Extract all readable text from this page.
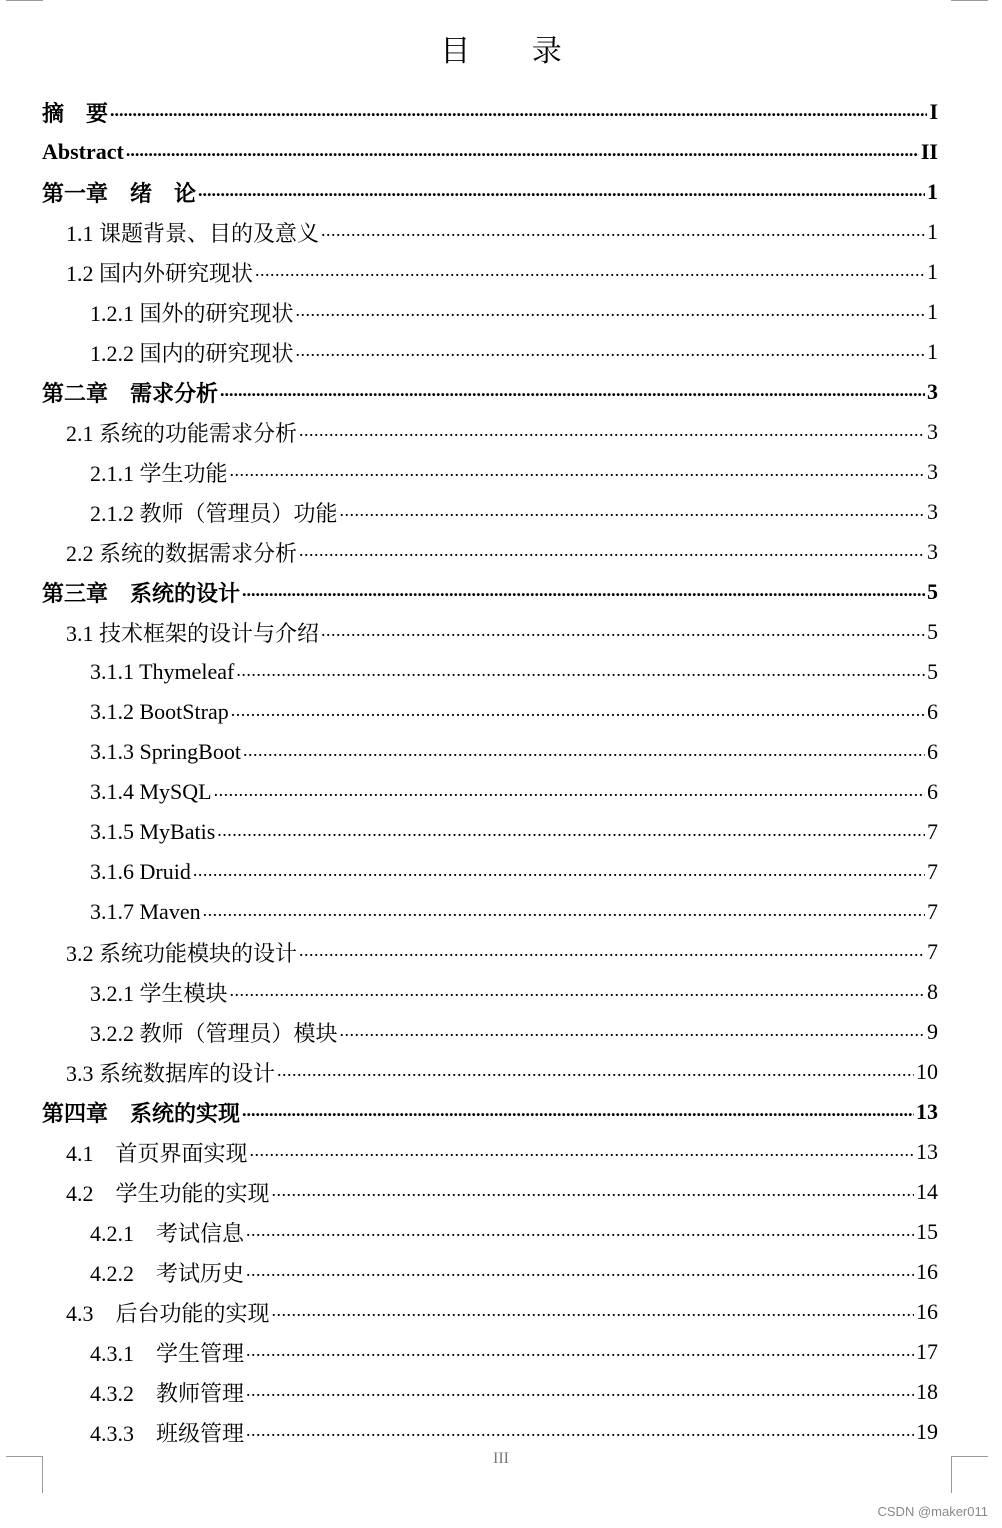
目 录
摘　要 .....	I
Abstract .....	II
第一章　绪　论 .....	1
1.1 课题背景、目的及意义 .....	1
1.2 国内外研究现状 .....	1
1.2.1 国外的研究现状 .....	1
1.2.2 国内的研究现状 .....	1
第二章　需求分析 .....	3
2.1 系统的功能需求分析 .....	3
2.1.1 学生功能 .....	3
2.1.2 教师（管理员）功能 .....	3
2.2 系统的数据需求分析 .....	3
第三章　系统的设计 .....	5
3.1 技术框架的设计与介绍 .....	5
3.1.1 Thymeleaf .....	5
3.1.2 BootStrap .....	6
3.1.3 SpringBoot .....	6
3.1.4 MySQL .....	6
3.1.5 MyBatis .....	7
3.1.6 Druid .....	7
3.1.7 Maven .....	7
3.2 系统功能模块的设计 .....	7
3.2.1 学生模块 .....	8
3.2.2 教师（管理员）模块 .....	9
3.3 系统数据库的设计 .....	10
第四章　系统的实现 .....	13
4.1　首页界面实现 .....	13
4.2　学生功能的实现 .....	14
4.2.1　考试信息 .....	15
4.2.2　考试历史 .....	16
4.3　后台功能的实现 .....	16
4.3.1　学生管理 .....	17
4.3.2　教师管理 .....	18
4.3.3　班级管理 .....	19
III
CSDN @maker011
